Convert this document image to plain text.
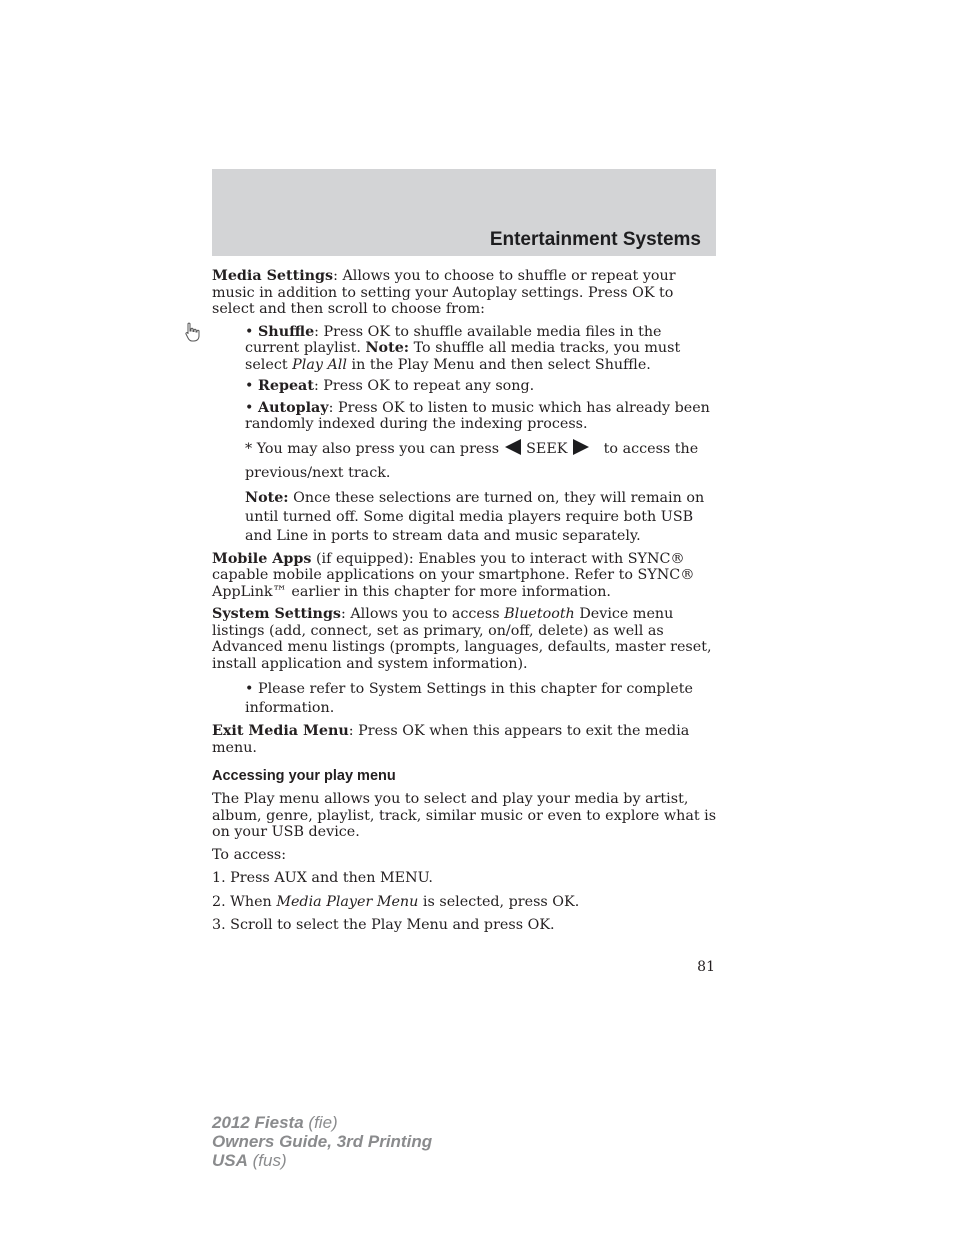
Entertainment Systems

Media Settings: Allows you to choose to shuffle or repeat your music in addition to setting your Autoplay settings. Press OK to select and then scroll to choose from:

• Shuffle: Press OK to shuffle available media files in the current playlist. Note: To shuffle all media tracks, you must select Play All in the Play Menu and then select Shuffle.

• Repeat: Press OK to repeat any song.

• Autoplay: Press OK to listen to music which has already been randomly indexed during the indexing process.

* You may also press you can press  SEEK    to access the previous/next track.

Note: Once these selections are turned on, they will remain on until turned off. Some digital media players require both USB and Line in ports to stream data and music separately.

Mobile Apps (if equipped): Enables you to interact with SYNC® capable mobile applications on your smartphone. Refer to SYNC® AppLink™ earlier in this chapter for more information.

System Settings: Allows you to access Bluetooth Device menu listings (add, connect, set as primary, on/off, delete) as well as Advanced menu listings (prompts, languages, defaults, master reset, install application and system information).

• Please refer to System Settings in this chapter for complete information.

Exit Media Menu: Press OK when this appears to exit the media menu.

Accessing your play menu

The Play menu allows you to select and play your media by artist, album, genre, playlist, track, similar music or even to explore what is on your USB device.

To access:

1. Press AUX and then MENU.

2. When Media Player Menu is selected, press OK.

3. Scroll to select the Play Menu and press OK.

81
2012 Fiesta (fie)
Owners Guide, 3rd Printing
USA (fus)
